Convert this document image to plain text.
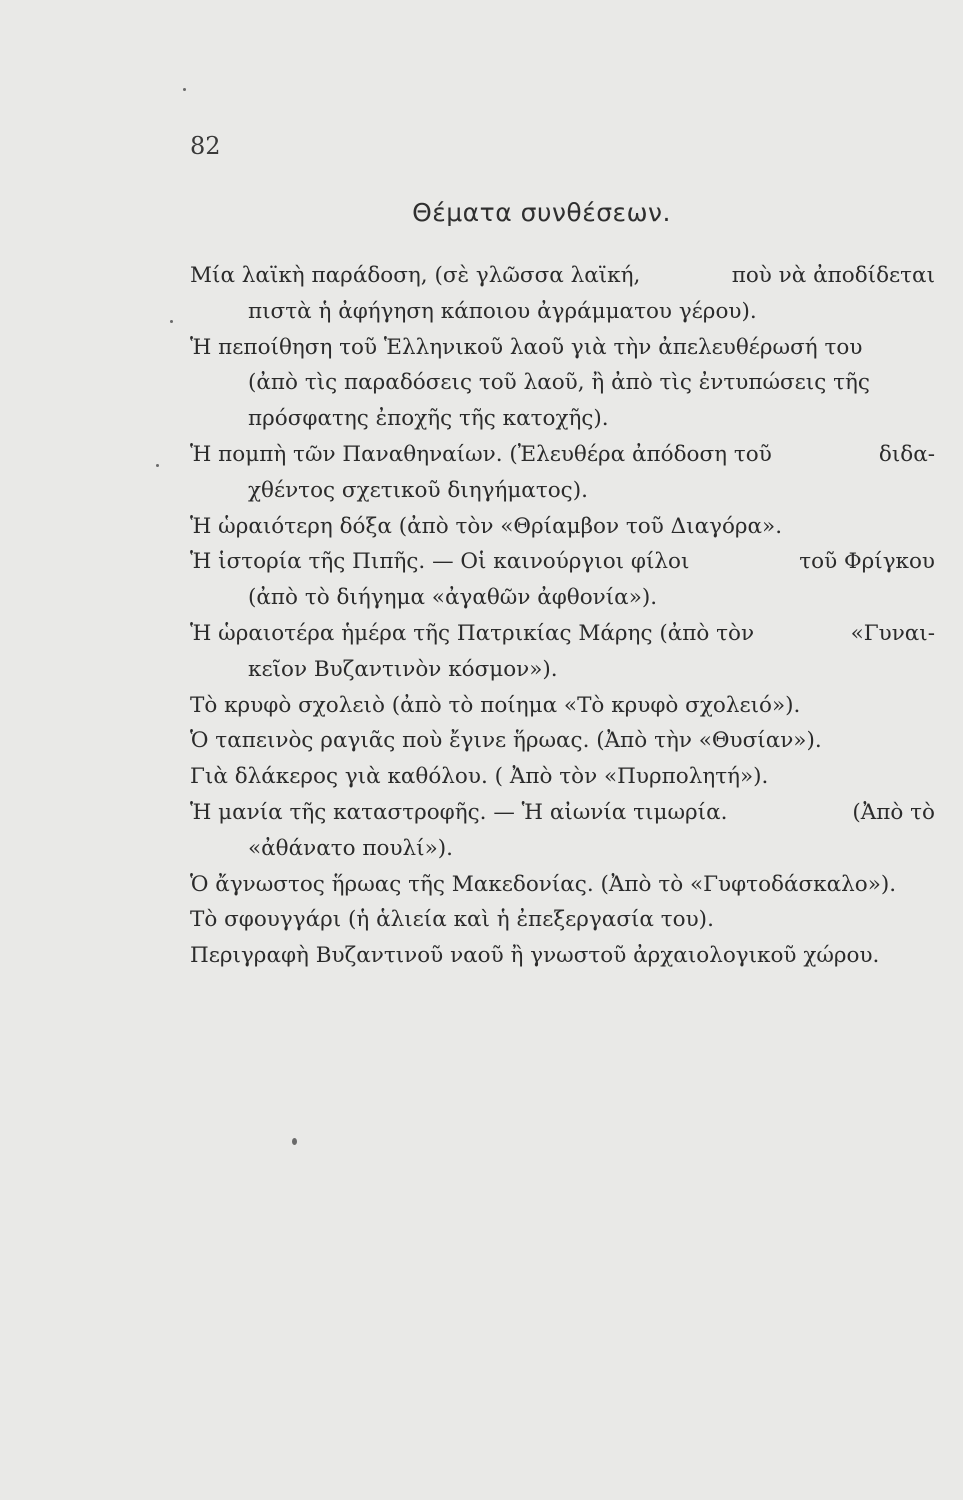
82
Θέματα συνθέσεων.
Μία λαϊκὴ παράδοση, (σὲ γλῶσσα λαϊκή,	ποὺ νὰ ἀποδίδεται
πιστὰ ἡ ἀφήγηση κάποιου ἀγράμματου γέρου).
Ἡ πεποίθηση τοῦ Ἑλληνικοῦ λαοῦ γιὰ τὴν ἀπελευθέρωσή του
(ἀπὸ τὶς παραδόσεις τοῦ λαοῦ, ἢ ἀπὸ τὶς ἐντυπώσεις τῆς
πρόσφατης ἐποχῆς τῆς κατοχῆς).
Ἡ πομπὴ τῶν Παναθηναίων. (Ἐλευθέρα ἀπόδοση τοῦ	διδα-
χθέντος σχετικοῦ διηγήματος).
Ἡ ὡραιότερη δόξα (ἀπὸ τὸν «Θρίαμβον τοῦ Διαγόρα».
Ἡ ἱστορία τῆς Πιπῆς. — Οἱ καινούργιοι φίλοι	τοῦ Φρίγκου
(ἀπὸ τὸ διήγημα «ἀγαθῶν ἀφθονία»).
Ἡ ὡραιοτέρα ἡμέρα τῆς Πατρικίας Μάρης (ἀπὸ τὸν	«Γυναι-
κεῖον Βυζαντινὸν κόσμον»).
Τὸ κρυφὸ σχολειὸ (ἀπὸ τὸ ποίημα «Τὸ κρυφὸ σχολειό»).
Ὁ ταπεινὸς ραγιᾶς ποὺ ἔγινε ἥρωας. (Ἀπὸ τὴν «Θυσίαν»).
Γιὰ δλάκερος γιὰ καθόλου. ( Ἀπὸ τὸν «Πυρπολητή»).
Ἡ μανία τῆς καταστροφῆς. — Ἡ αἰωνία τιμωρία.	(Ἀπὸ τὸ
«ἀθάνατο πουλί»).
Ὁ ἄγνωστος ἥρωας τῆς Μακεδονίας. (Ἀπὸ τὸ «Γυφτοδάσκαλο»).
Τὸ σφουγγάρι (ἡ ἁλιεία καὶ ἡ ἐπεξεργασία του).
Περιγραφὴ Βυζαντινοῦ ναοῦ ἢ γνωστοῦ ἀρχαιολογικοῦ χώρου.
